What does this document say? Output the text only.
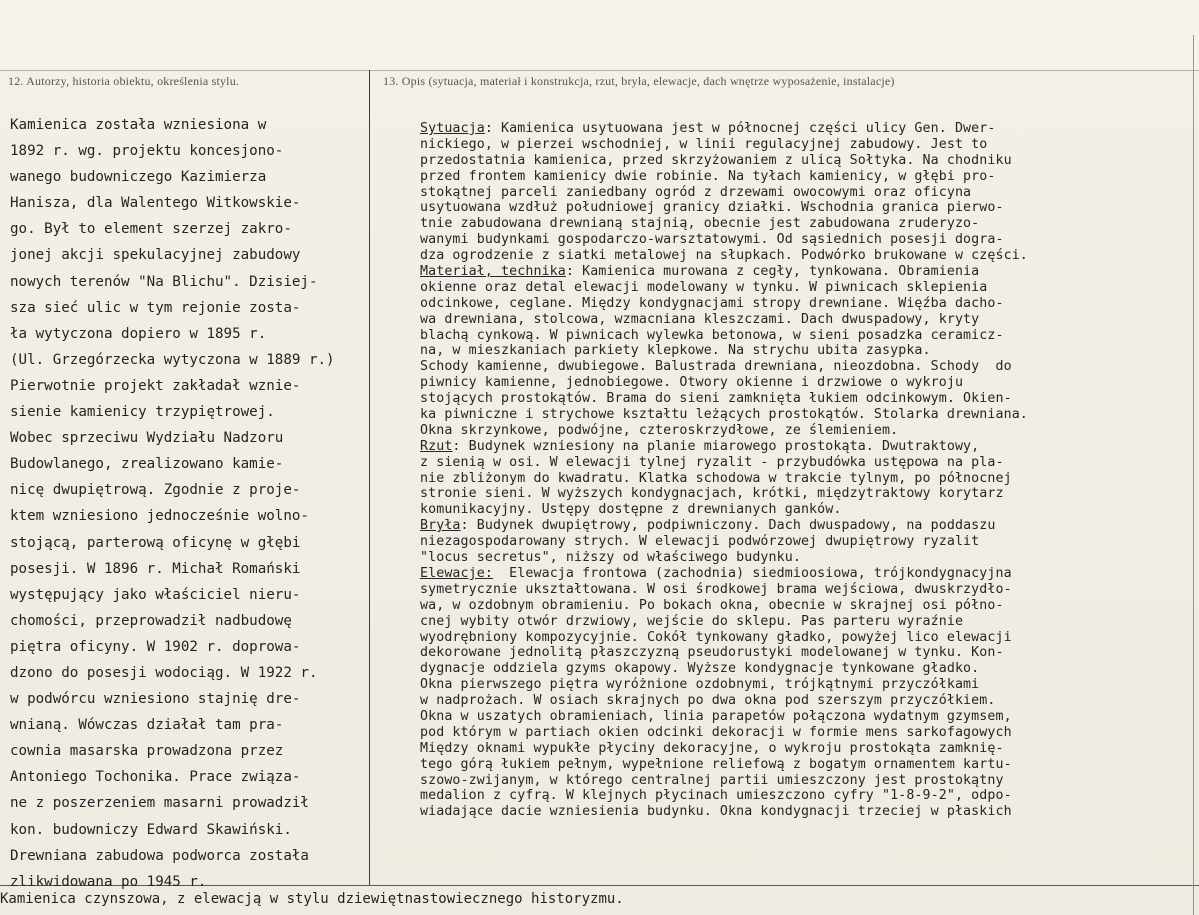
12. Autorzy, historia obiektu, określenia stylu.	13. Opis (sytuacja, materiał i konstrukcja, rzut, bryła, elewacje, dach wnętrze wyposażenie, instalacje)
Kamienica została wzniesiona w
1892 r. wg. projektu koncesjono-
wanego budowniczego Kazimierza
Hanisza, dla Walentego Witkowskie-
go. Był to element szerzej zakro-
jonej akcji spekulacyjnej zabudowy
nowych terenów "Na Blichu". Dzisiej-
sza sieć ulic w tym rejonie zosta-
ła wytyczona dopiero w 1895 r.
(Ul. Grzegórzecka wytyczona w 1889 r.)
Pierwotnie projekt zakładał wznie-
sienie kamienicy trzypiętrowej.
Wobec sprzeciwu Wydziału Nadzoru
Budowlanego, zrealizowano kamie-
nicę dwupiętrową. Zgodnie z proje-
ktem wzniesiono jednocześnie wolno-
stojącą, parterową oficynę w głębi
posesji. W 1896 r. Michał Romański
występujący jako właściciel nieru-
chomości, przeprowadził nadbudowę
piętra oficyny. W 1902 r. doprowa-
dzono do posesji wodociąg. W 1922 r.
w podwórcu wzniesiono stajnię dre-
wnianą. Wówczas działał tam pra-
cownia masarska prowadzona przez
Antoniego Tochonika. Prace związa-
ne z poszerzeniem masarni prowadził
kon. budowniczy Edward Skawiński.
Drewniana zabudowa podworca została
zlikwidowana po 1945 r.
Sytuacja: Kamienica usytuowana jest w północnej części ulicy Gen. Dwer-
nickiego, w pierzei wschodniej, w linii regulacyjnej zabudowy. Jest to
przedostatnia kamienica, przed skrzyżowaniem z ulicą Sołtyka. Na chodniku
przed frontem kamienicy dwie robinie. Na tyłach kamienicy, w głębi pro-
stokątnej parceli zaniedbany ogród z drzewami owocowymi oraz oficyna
usytuowana wzdłuż południowej granicy działki. Wschodnia granica pierwo-
tnie zabudowana drewnianą stajnią, obecnie jest zabudowana zruderyzo-
wanymi budynkami gospodarczo-warsztatowymi. Od sąsiednich posesji dogra-
dza ogrodzenie z siatki metalowej na słupkach. Podwórko brukowane w części.
Materiał, technika: Kamienica murowana z cegły, tynkowana. Obramienia
okienne oraz detal elewacji modelowany w tynku. W piwnicach sklepienia
odcinkowe, ceglane. Między kondygnacjami stropy drewniane. Więźba dacho-
wa drewniana, stolcowa, wzmacniana kleszczami. Dach dwuspadowy, kryty
blachą cynkową. W piwnicach wylewka betonowa, w sieni posadzka ceramicz-
na, w mieszkaniach parkiety klepkowe. Na strychu ubita zasypka.
Schody kamienne, dwubiegowe. Balustrada drewniana, nieozdobna. Schody  do
piwnicy kamienne, jednobiegowe. Otwory okienne i drzwiowe o wykroju
stojących prostokątów. Brama do sieni zamknięta łukiem odcinkowym. Okien-
ka piwniczne i strychowe kształtu leżących prostokątów. Stolarka drewniana.
Okna skrzynkowe, podwójne, czteroskrzydłowe, ze ślemieniem.
Rzut: Budynek wzniesiony na planie miarowego prostokąta. Dwutraktowy,
z sienią w osi. W elewacji tylnej ryzalit - przybudówka ustępowa na pla-
nie zbliżonym do kwadratu. Klatka schodowa w trakcie tylnym, po północnej
stronie sieni. W wyższych kondygnacjach, krótki, międzytraktowy korytarz
komunikacyjny. Ustępy dostępne z drewnianych ganków.
Bryła: Budynek dwupiętrowy, podpiwniczony. Dach dwuspadowy, na poddaszu
niezagospodarowany strych. W elewacji podwórzowej dwupiętrowy ryzalit
"locus secretus", niższy od właściwego budynku.
Elewacje:  Elewacja frontowa (zachodnia) siedmioosiowa, trójkondygnacyjna
symetrycznie ukształtowana. W osi środkowej brama wejściowa, dwuskrzydło-
wa, w ozdobnym obramieniu. Po bokach okna, obecnie w skrajnej osi półno-
cnej wybity otwór drzwiowy, wejście do sklepu. Pas parteru wyraźnie
wyodrębniony kompozycyjnie. Cokół tynkowany gładko, powyżej lico elewacji
dekorowane jednolitą płaszczyzną pseudorustyki modelowanej w tynku. Kon-
dygnacje oddziela gzyms okapowy. Wyższe kondygnacje tynkowane gładko.
Okna pierwszego piętra wyróżnione ozdobnymi, trójkątnymi przyczółkami
w nadprożach. W osiach skrajnych po dwa okna pod szerszym przyczółkiem.
Okna w uszatych obramieniach, linia parapetów połączona wydatnym gzymsem,
pod którym w partiach okien odcinki dekoracji w formie mens sarkofagowych
Między oknami wypukłe płyciny dekoracyjne, o wykroju prostokąta zamknię-
tego górą łukiem pełnym, wypełnione reliefową z bogatym ornamentem kartu-
szowo-zwijanym, w którego centralnej partii umieszczony jest prostokątny
medalion z cyfrą. W klejnych płycinach umieszczono cyfry "1-8-9-2", odpo-
wiadające dacie wzniesienia budynku. Okna kondygnacji trzeciej w płaskich
Kamienica czynszowa, z elewacją w stylu dziewiętnastowiecznego historyzmu.
